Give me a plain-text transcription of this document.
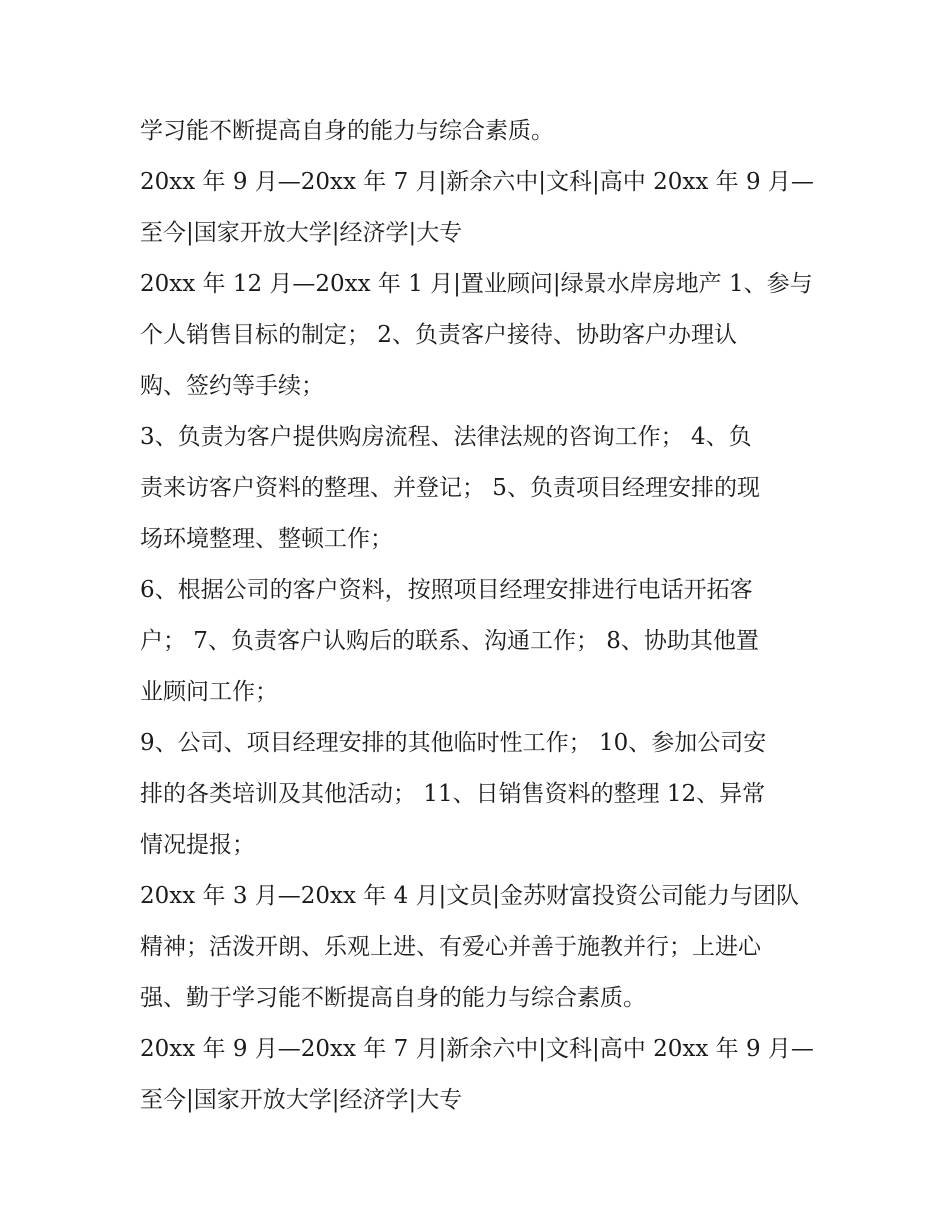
学习能不断提高自身的能力与综合素质。

20xx 年 9 月—20xx 年 7 月|新余六中|文科|高中 20xx 年 9 月—
至今|国家开放大学|经济学|大专

20xx 年 12 月—20xx 年 1 月|置业顾问|绿景水岸房地产 1、参与
个人销售目标的制定； 2、负责客户接待、协助客户办理认
购、签约等手续；

3、负责为客户提供购房流程、法律法规的咨询工作； 4、负
责来访客户资料的整理、并登记； 5、负责项目经理安排的现
场环境整理、整顿工作；

6、根据公司的客户资料，按照项目经理安排进行电话开拓客
户； 7、负责客户认购后的联系、沟通工作； 8、协助其他置
业顾问工作；

9、公司、项目经理安排的其他临时性工作； 10、参加公司安
排的各类培训及其他活动； 11、日销售资料的整理 12、异常
情况提报；

20xx 年 3 月—20xx 年 4 月|文员|金苏财富投资公司能力与团队
精神；活泼开朗、乐观上进、有爱心并善于施教并行；上进心
强、勤于学习能不断提高自身的能力与综合素质。

20xx 年 9 月—20xx 年 7 月|新余六中|文科|高中 20xx 年 9 月—
至今|国家开放大学|经济学|大专
